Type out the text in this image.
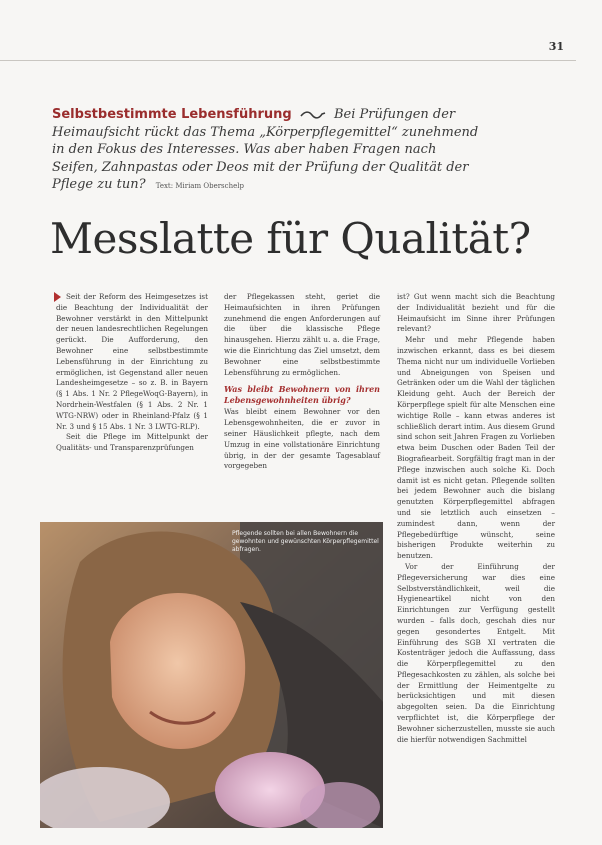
31
Selbstbestimmte Lebensführung	Bei Prüfungen der Heimaufsicht rückt das Thema „Körperpflegemittel“ zunehmend in den Fokus des Interesses. Was aber haben Fragen nach Seifen, Zahnpastas oder Deos mit der Prüfung der Qualität der Pflege zu tun? Text: Miriam Oberschelp
Messlatte für Qualität?

Seit der Reform des Heimgesetzes ist die Beachtung der Individualität der Bewohner verstärkt in den Mittelpunkt der neuen landesrechtlichen Regelungen gerückt. Die Aufforderung, den Bewohner eine selbstbestimmte Lebensführung in der Einrichtung zu ermöglichen, ist Gegenstand aller neuen Landesheimgesetze – so z. B. in Bayern (§ 1 Abs. 1 Nr. 2 PflegeWoqG-Bayern), in Nordrhein-Westfalen (§ 1 Abs. 2 Nr. 1 WTG-NRW) oder in Rheinland-Pfalz (§ 1 Nr. 3 und § 15 Abs. 1 Nr. 3 LWTG-RLP).

Seit die Pflege im Mittelpunkt der Qualitäts- und Transparenzprüfungen

der Pflegekassen steht, geriet die Heimaufsichten in ihren Prüfungen zunehmend die engen Anforderungen auf die über die klassische Pflege hinausgehen. Hierzu zählt u. a. die Frage, wie die Einrichtung das Ziel umsetzt, dem Bewohner eine selbstbestimmte Lebensführung zu ermöglichen.

Was bleibt Bewohnern von ihren Lebensgewohnheiten übrig?

Was bleibt einem Bewohner vor den Lebensgewohnheiten, die er zuvor in seiner Häuslichkeit pflegte, nach dem Umzug in eine vollstationäre Einrichtung übrig, in der der gesamte Tagesablauf vorgegeben

ist? Gut wenn macht sich die Beachtung der Individualität bezieht und für die Heimaufsicht im Sinne ihrer Prüfungen relevant?

Mehr und mehr Pflegende haben inzwischen erkannt, dass es bei diesem Thema nicht nur um individuelle Vorlieben und Abneigungen von Speisen und Getränken oder um die Wahl der täglichen Kleidung geht. Auch der Bereich der Körperpflege spielt für alte Menschen eine wichtige Rolle – kann etwas anderes ist schließlich derart intim. Aus diesem Grund sind schon seit Jahren Fragen zu Vorlieben etwa beim Duschen oder Baden Teil der Biografiearbeit. Sorgfältig fragt man in der Pflege inzwischen auch solche Ki. Doch damit ist es nicht getan. Pflegende sollten bei jedem Bewohner auch die bislang genutzten Körperpflegemittel abfragen und sie letztlich auch einsetzen – zumindest dann, wenn der Pflegebedürftige wünscht, seine bisherigen Produkte weiterhin zu benutzen.

Vor der Einführung der Pflegeversicherung war dies eine Selbstverständlichkeit, weil die Hygieneartikel nicht von den Einrichtungen zur Verfügung gestellt wurden – falls doch, geschah dies nur gegen gesondertes Entgelt. Mit Einführung des SGB XI vertraten die Kostenträger jedoch die Auffassung, dass die Körperpflegemittel zu den Pflegesachkosten zu zählen, als solche bei der Ermittlung der Heimentgelte zu berücksichtigen und mit diesen abgegolten seien. Da die Einrichtung verpflichtet ist, die Körperpflege der Bewohner sicherzustellen, musste sie auch die hierfür notwendigen Sachmittel

Pflegende sollten bei allen Bewohnern die gewohnten und gewünschten Körperpflegemittel abfragen.
